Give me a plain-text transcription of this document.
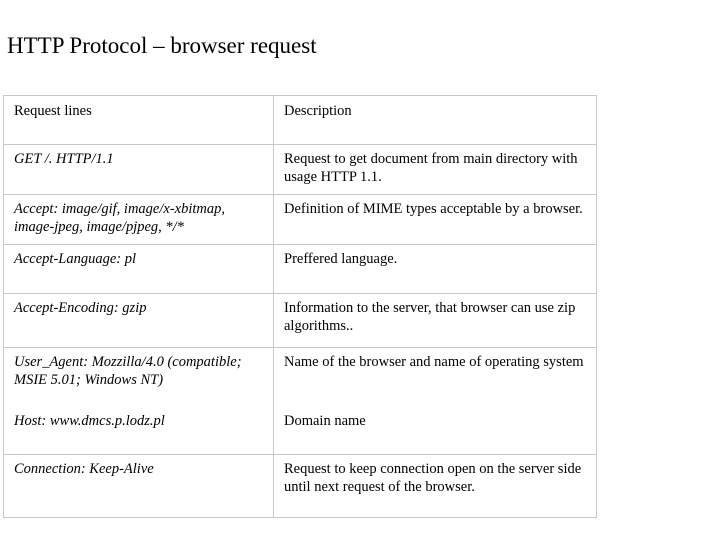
HTTP Protocol – browser request
Request lines	Description
GET /. HTTP/1.1	Request to get document from main directory with usage HTTP 1.1.
Accept: image/gif, image/x-xbitmap, image-jpeg, image/pjpeg, */*	Definition of MIME types acceptable by a browser.
Accept-Language: pl	Preffered language.
Accept-Encoding: gzip	Information to the server, that browser can use zip algorithms..
User_Agent: Mozzilla/4.0 (compatible; MSIE 5.01; Windows NT)	Name of the browser and name of operating system
Host: www.dmcs.p.lodz.pl	Domain name
Connection: Keep-Alive	Request to keep connection open on the server side until next request of the browser.
